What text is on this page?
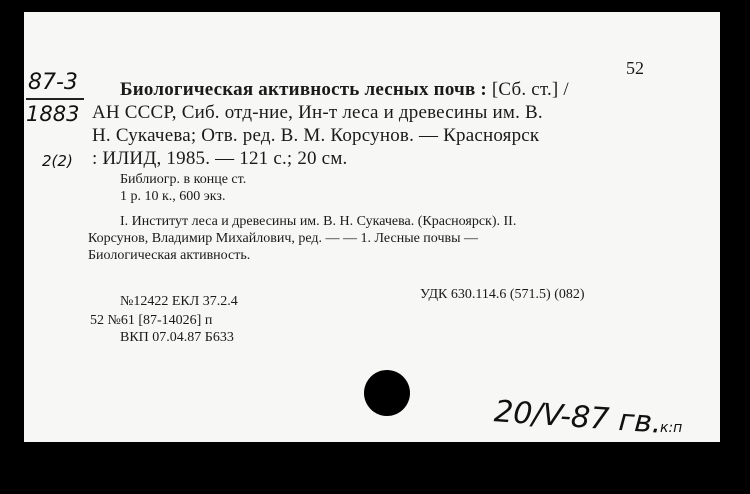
87-3
1883
2(2)
52
Биологическая активность лесных почв : [Сб. ст.] /
АН СССР, Сиб. отд-ние, Ин-т леса и древесины им. В.
Н. Сукачева; Отв. ред. В. М. Корсунов. — Красноярск
: ИЛИД, 1985. — 121 с.; 20 см.
Библиогр. в конце ст.
1 р. 10 к., 600 экз.
I. Институт леса и древесины им. В. Н. Сукачева. (Красноярск). II.
Корсунов, Владимир Михайлович, ред. — — 1. Лесные почвы —
Биологическая активность.
УДК 630.114.6 (571.5) (082)
№12422 ЕКЛ 37.2.4
52 №61 [87-14026] п
ВКП 07.04.87 Б633
20/V-87 гв.
к:п
